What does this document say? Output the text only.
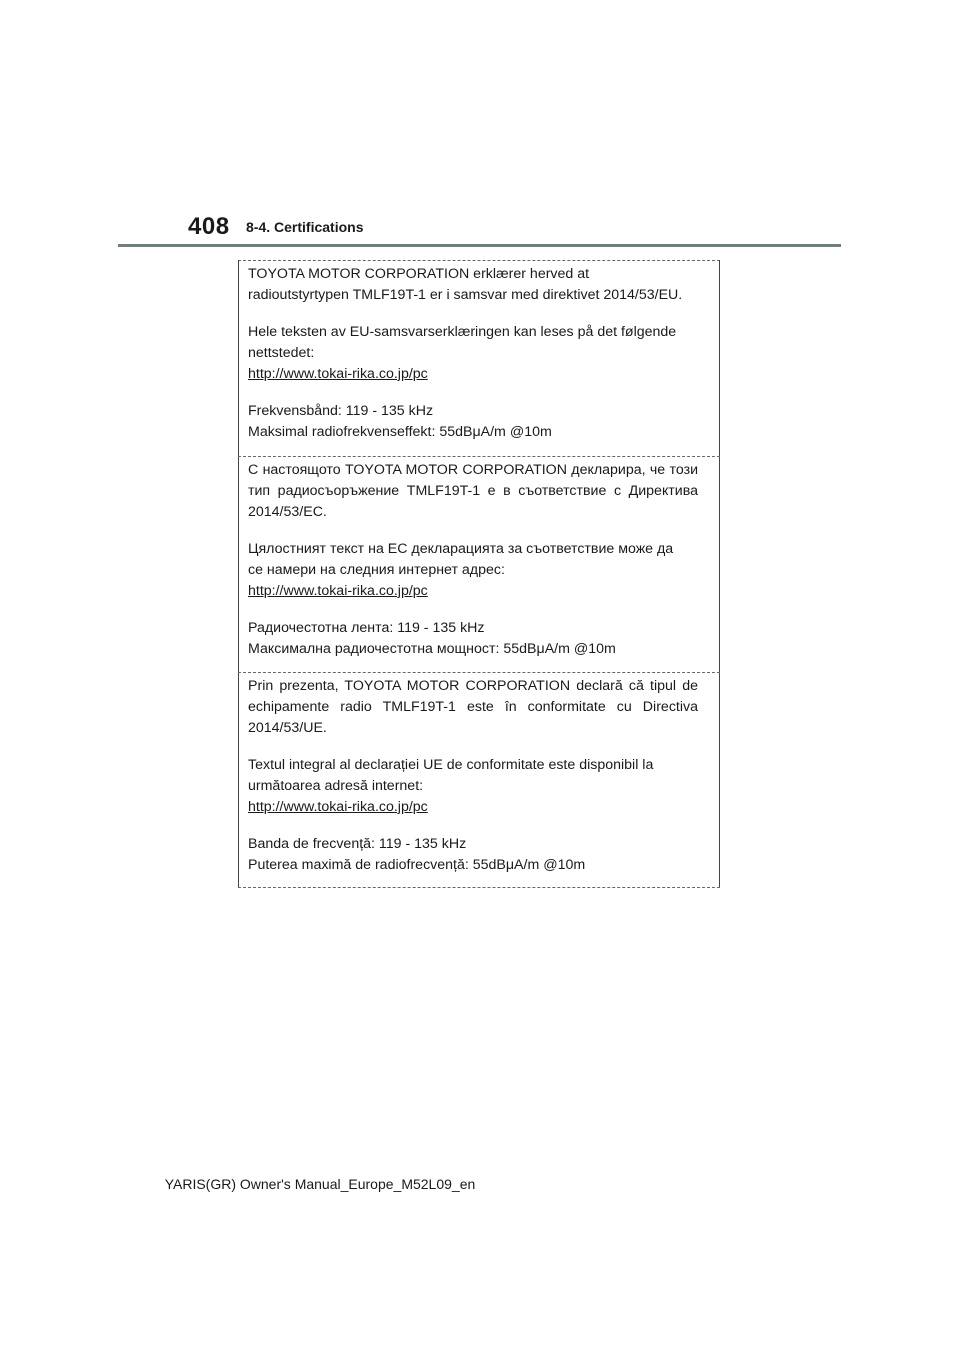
408 8-4. Certifications

TOYOTA MOTOR CORPORATION erklærer herved at
radioutstyrtypen TMLF19T-1 er i samsvar med direktivet 2014/53/EU.

Hele teksten av EU-samsvarserklæringen kan leses på det følgende
nettstedet:
http://www.tokai-rika.co.jp/pc

Frekvensbånd: 119 - 135 kHz
Maksimal radiofrekvenseffekt: 55dBμA/m @10m

С настоящото TOYOTA MOTOR CORPORATION декларира, че този тип радиосъоръжение TMLF19T-1 е в съответствие с Директива 2014/53/ЕС.

Цялостният текст на ЕС декларацията за съответствие може да
се намери на следния интернет адрес:
http://www.tokai-rika.co.jp/pc

Радиочестотна лента: 119 - 135 kHz
Максимална радиочестотна мощност: 55dBμA/m @10m

Prin prezenta, TOYOTA MOTOR CORPORATION declară că tipul de echipamente radio TMLF19T-1 este în conformitate cu Directiva 2014/53/UE.

Textul integral al declarației UE de conformitate este disponibil la
următoarea adresă internet:
http://www.tokai-rika.co.jp/pc

Banda de frecvență: 119 - 135 kHz
Puterea maximă de radiofrecvență: 55dBμA/m @10m

YARIS(GR) Owner's Manual_Europe_M52L09_en
